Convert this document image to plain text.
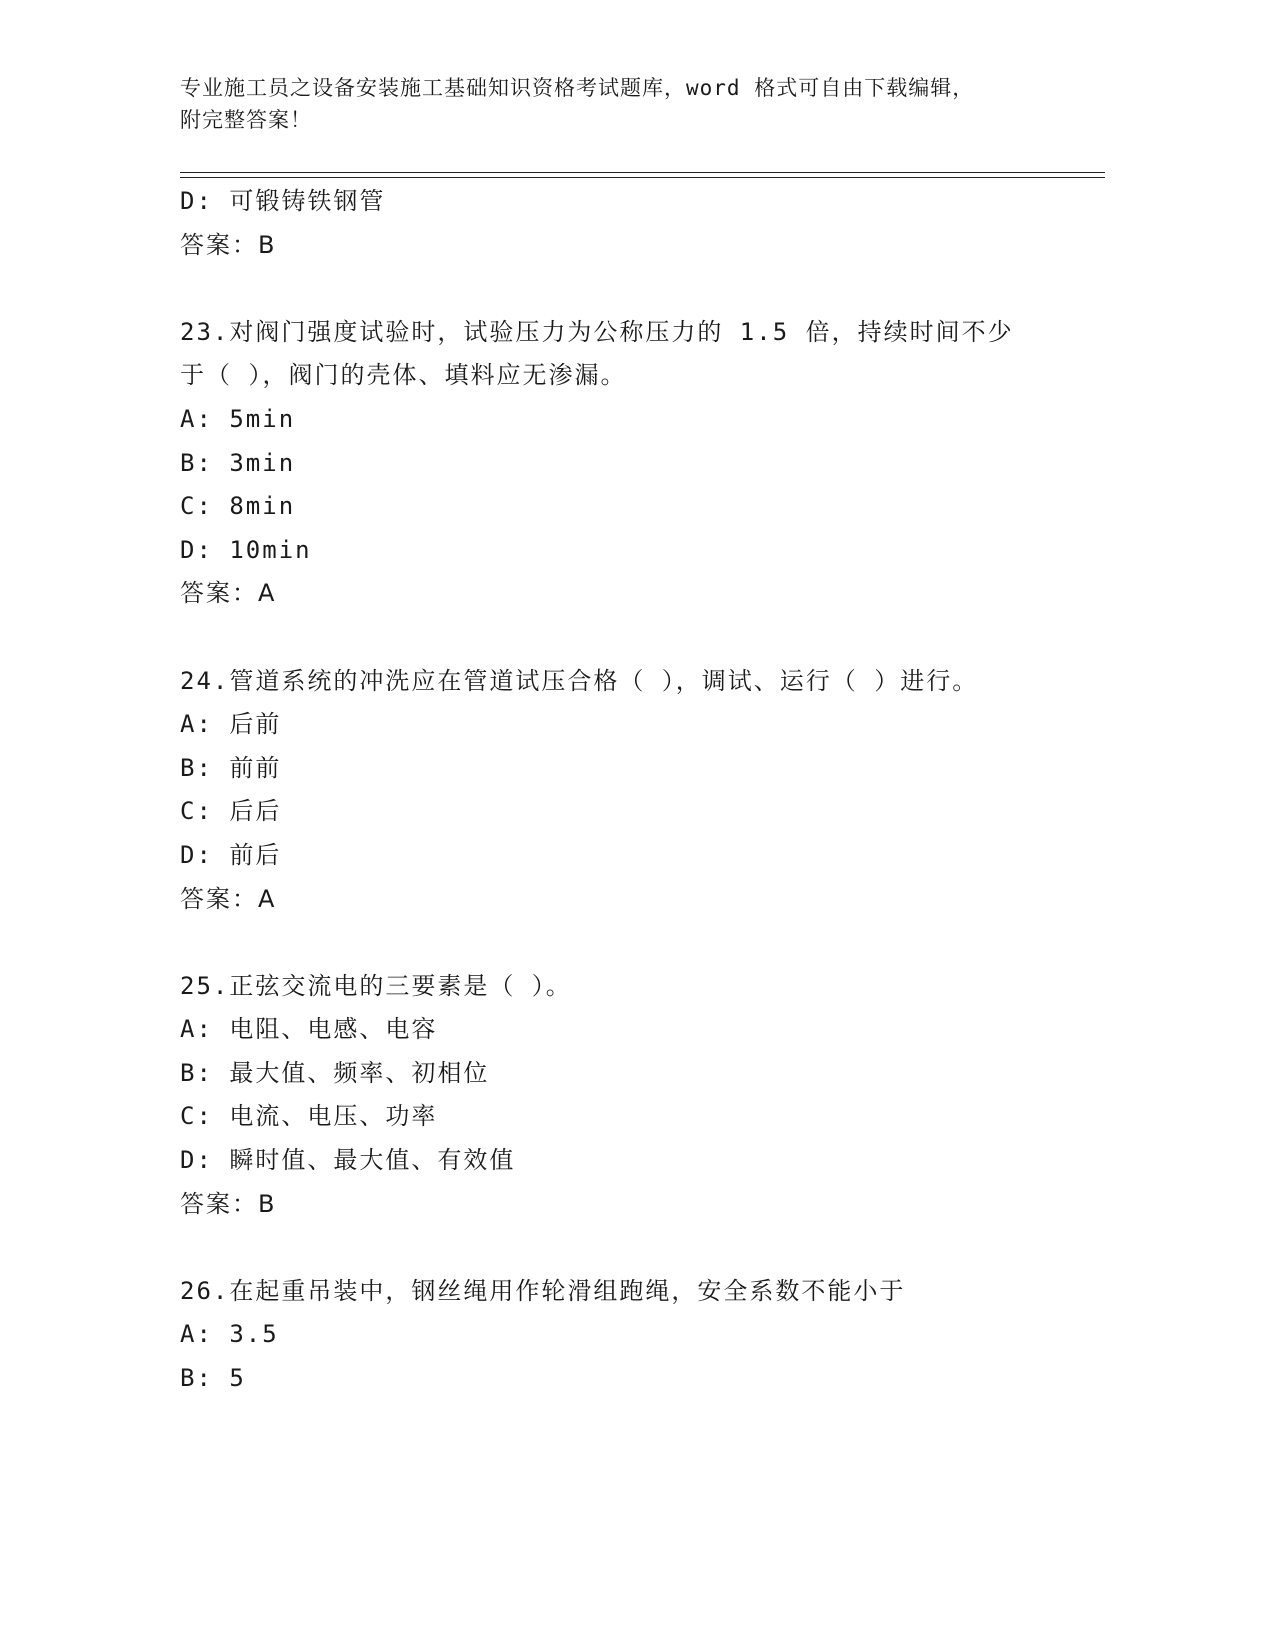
专业施工员之设备安装施工基础知识资格考试题库，word 格式可自由下载编辑，
附完整答案！
D: 可锻铸铁钢管
答案：B
23.对阀门强度试验时，试验压力为公称压力的 1.5 倍，持续时间不少
于（ ），阀门的壳体、填料应无渗漏。
A: 5min
B: 3min
C: 8min
D: 10min
答案：A
24.管道系统的冲洗应在管道试压合格（ ），调试、运行（ ）进行。
A: 后前
B: 前前
C: 后后
D: 前后
答案：A
25.正弦交流电的三要素是（ ）。
A: 电阻、电感、电容
B: 最大值、频率、初相位
C: 电流、电压、功率
D: 瞬时值、最大值、有效值
答案：B
26.在起重吊装中，钢丝绳用作轮滑组跑绳，安全系数不能小于
A: 3.5
B: 5
